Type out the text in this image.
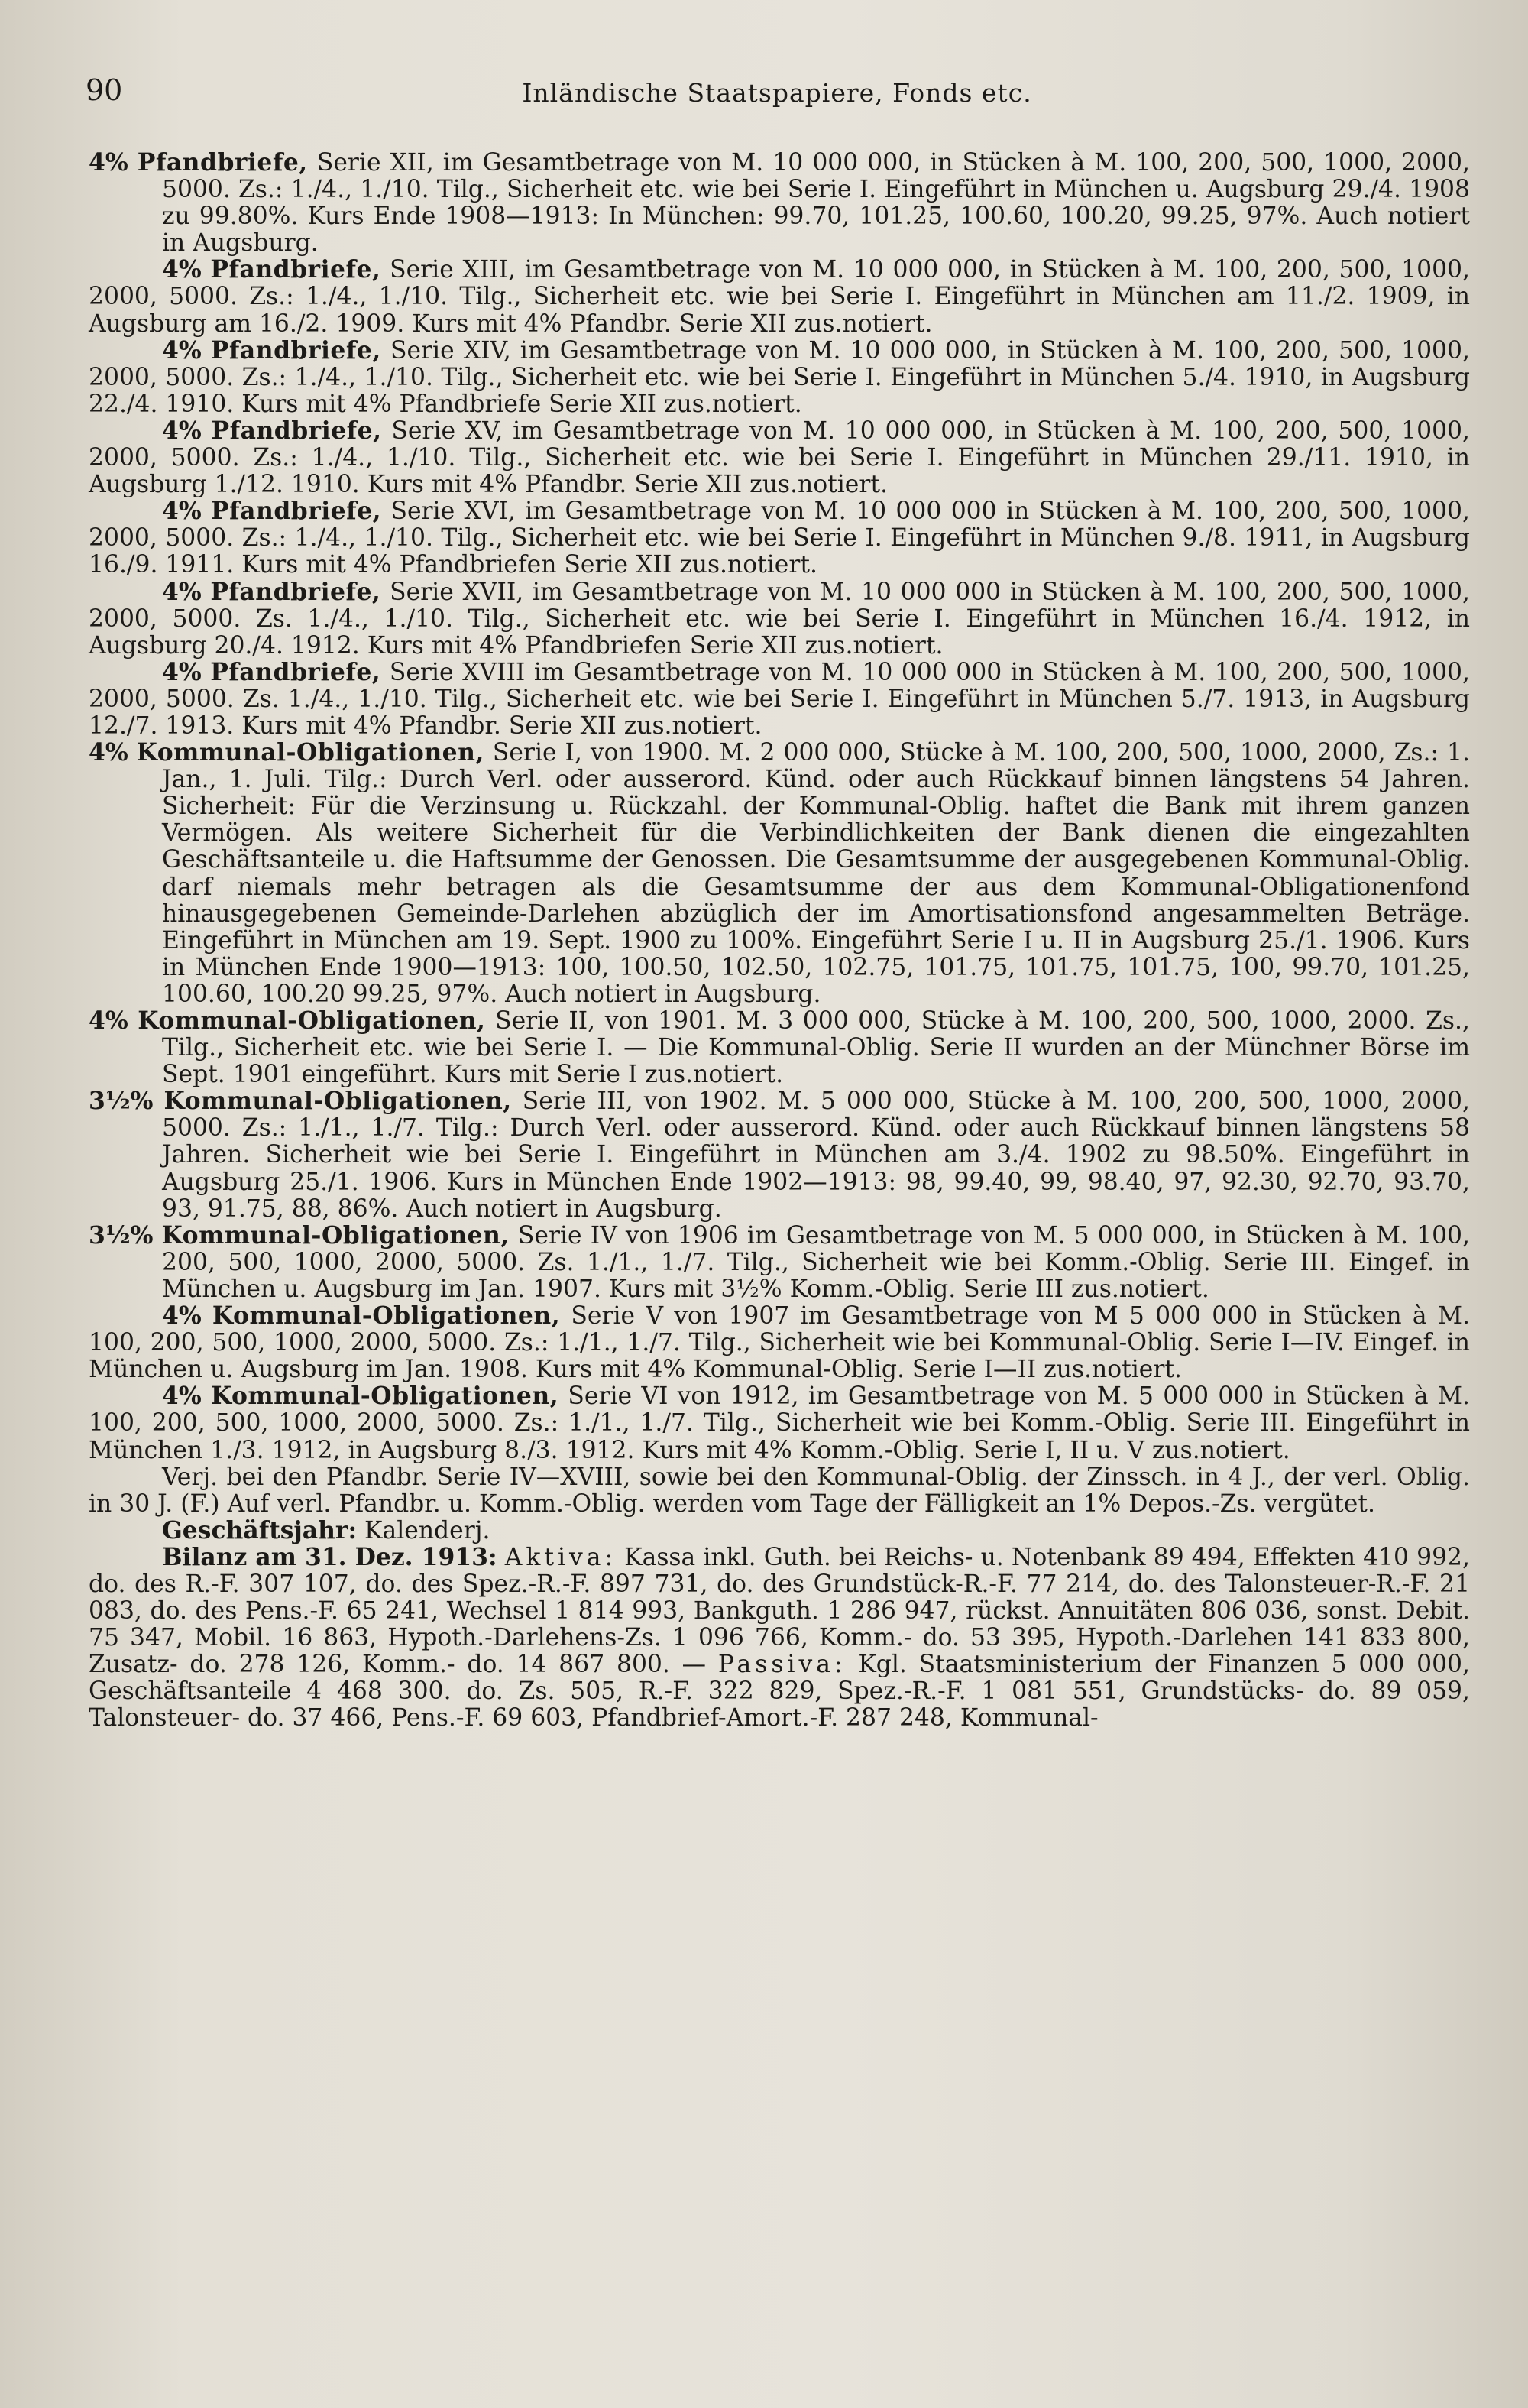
90	Inländische Staatspapiere, Fonds etc.

4% Pfandbriefe, Serie XII, im Gesamtbetrage von M. 10 000 000, in Stücken à M. 100, 200, 500, 1000, 2000, 5000. Zs.: 1./4., 1./10. Tilg., Sicherheit etc. wie bei Serie I. Eingeführt in München u. Augsburg 29./4. 1908 zu 99.80%. Kurs Ende 1908—1913: In München: 99.70, 101.25, 100.60, 100.20, 99.25, 97%. Auch notiert in Augsburg.

4% Pfandbriefe, Serie XIII, im Gesamtbetrage von M. 10 000 000, in Stücken à M. 100, 200, 500, 1000, 2000, 5000. Zs.: 1./4., 1./10. Tilg., Sicherheit etc. wie bei Serie I. Eingeführt in München am 11./2. 1909, in Augsburg am 16./2. 1909. Kurs mit 4% Pfandbr. Serie XII zus.notiert.

4% Pfandbriefe, Serie XIV, im Gesamtbetrage von M. 10 000 000, in Stücken à M. 100, 200, 500, 1000, 2000, 5000. Zs.: 1./4., 1./10. Tilg., Sicherheit etc. wie bei Serie I. Eingeführt in München 5./4. 1910, in Augsburg 22./4. 1910. Kurs mit 4% Pfandbriefe Serie XII zus.notiert.

4% Pfandbriefe, Serie XV, im Gesamtbetrage von M. 10 000 000, in Stücken à M. 100, 200, 500, 1000, 2000, 5000. Zs.: 1./4., 1./10. Tilg., Sicherheit etc. wie bei Serie I. Eingeführt in München 29./11. 1910, in Augsburg 1./12. 1910. Kurs mit 4% Pfandbr. Serie XII zus.notiert.

4% Pfandbriefe, Serie XVI, im Gesamtbetrage von M. 10 000 000 in Stücken à M. 100, 200, 500, 1000, 2000, 5000. Zs.: 1./4., 1./10. Tilg., Sicherheit etc. wie bei Serie I. Eingeführt in München 9./8. 1911, in Augsburg 16./9. 1911. Kurs mit 4% Pfandbriefen Serie XII zus.notiert.

4% Pfandbriefe, Serie XVII, im Gesamtbetrage von M. 10 000 000 in Stücken à M. 100, 200, 500, 1000, 2000, 5000. Zs. 1./4., 1./10. Tilg., Sicherheit etc. wie bei Serie I. Eingeführt in München 16./4. 1912, in Augsburg 20./4. 1912. Kurs mit 4% Pfandbriefen Serie XII zus.notiert.

4% Pfandbriefe, Serie XVIII im Gesamtbetrage von M. 10 000 000 in Stücken à M. 100, 200, 500, 1000, 2000, 5000. Zs. 1./4., 1./10. Tilg., Sicherheit etc. wie bei Serie I. Eingeführt in München 5./7. 1913, in Augsburg 12./7. 1913. Kurs mit 4% Pfandbr. Serie XII zus.notiert.

4% Kommunal-Obligationen, Serie I, von 1900. M. 2 000 000, Stücke à M. 100, 200, 500, 1000, 2000, Zs.: 1. Jan., 1. Juli. Tilg.: Durch Verl. oder ausserord. Künd. oder auch Rückkauf binnen längstens 54 Jahren. Sicherheit: Für die Verzinsung u. Rückzahl. der Kommunal-Oblig. haftet die Bank mit ihrem ganzen Vermögen. Als weitere Sicherheit für die Verbindlichkeiten der Bank dienen die eingezahlten Geschäftsanteile u. die Haftsumme der Genossen. Die Gesamtsumme der ausgegebenen Kommunal-Oblig. darf niemals mehr betragen als die Gesamtsumme der aus dem Kommunal-Obligationenfond hinausgegebenen Gemeinde-Darlehen abzüglich der im Amortisationsfond angesammelten Beträge. Eingeführt in München am 19. Sept. 1900 zu 100%. Eingeführt Serie I u. II in Augsburg 25./1. 1906. Kurs in München Ende 1900—1913: 100, 100.50, 102.50, 102.75, 101.75, 101.75, 101.75, 100, 99.70, 101.25, 100.60, 100.20 99.25, 97%. Auch notiert in Augsburg.

4% Kommunal-Obligationen, Serie II, von 1901. M. 3 000 000, Stücke à M. 100, 200, 500, 1000, 2000. Zs., Tilg., Sicherheit etc. wie bei Serie I. — Die Kommunal-Oblig. Serie II wurden an der Münchner Börse im Sept. 1901 eingeführt. Kurs mit Serie I zus.notiert.

3½% Kommunal-Obligationen, Serie III, von 1902. M. 5 000 000, Stücke à M. 100, 200, 500, 1000, 2000, 5000. Zs.: 1./1., 1./7. Tilg.: Durch Verl. oder ausserord. Künd. oder auch Rückkauf binnen längstens 58 Jahren. Sicherheit wie bei Serie I. Eingeführt in München am 3./4. 1902 zu 98.50%. Eingeführt in Augsburg 25./1. 1906. Kurs in München Ende 1902—1913: 98, 99.40, 99, 98.40, 97, 92.30, 92.70, 93.70, 93, 91.75, 88, 86%. Auch notiert in Augsburg.

3½% Kommunal-Obligationen, Serie IV von 1906 im Gesamtbetrage von M. 5 000 000, in Stücken à M. 100, 200, 500, 1000, 2000, 5000. Zs. 1./1., 1./7. Tilg., Sicherheit wie bei Komm.-Oblig. Serie III. Eingef. in München u. Augsburg im Jan. 1907. Kurs mit 3½% Komm.-Oblig. Serie III zus.notiert.

4% Kommunal-Obligationen, Serie V von 1907 im Gesamtbetrage von M 5 000 000 in Stücken à M. 100, 200, 500, 1000, 2000, 5000. Zs.: 1./1., 1./7. Tilg., Sicherheit wie bei Kommunal-Oblig. Serie I—IV. Eingef. in München u. Augsburg im Jan. 1908. Kurs mit 4% Kommunal-Oblig. Serie I—II zus.notiert.

4% Kommunal-Obligationen, Serie VI von 1912, im Gesamtbetrage von M. 5 000 000 in Stücken à M. 100, 200, 500, 1000, 2000, 5000. Zs.: 1./1., 1./7. Tilg., Sicherheit wie bei Komm.-Oblig. Serie III. Eingeführt in München 1./3. 1912, in Augsburg 8./3. 1912. Kurs mit 4% Komm.-Oblig. Serie I, II u. V zus.notiert.

Verj. bei den Pfandbr. Serie IV—XVIII, sowie bei den Kommunal-Oblig. der Zinssch. in 4 J., der verl. Oblig. in 30 J. (F.) Auf verl. Pfandbr. u. Komm.-Oblig. werden vom Tage der Fälligkeit an 1% Depos.-Zs. vergütet.

Geschäftsjahr: Kalenderj.

Bilanz am 31. Dez. 1913: Aktiva: Kassa inkl. Guth. bei Reichs- u. Notenbank 89 494, Effekten 410 992, do. des R.-F. 307 107, do. des Spez.-R.-F. 897 731, do. des Grundstück-R.-F. 77 214, do. des Talonsteuer-R.-F. 21 083, do. des Pens.-F. 65 241, Wechsel 1 814 993, Bankguth. 1 286 947, rückst. Annuitäten 806 036, sonst. Debit. 75 347, Mobil. 16 863, Hypoth.-Darlehens-Zs. 1 096 766, Komm.- do. 53 395, Hypoth.-Darlehen 141 833 800, Zusatz- do. 278 126, Komm.- do. 14 867 800. — Passiva: Kgl. Staatsministerium der Finanzen 5 000 000, Geschäftsanteile 4 468 300. do. Zs. 505, R.-F. 322 829, Spez.-R.-F. 1 081 551, Grundstücks- do. 89 059, Talonsteuer- do. 37 466, Pens.-F. 69 603, Pfandbrief-Amort.-F. 287 248, Kommunal-
